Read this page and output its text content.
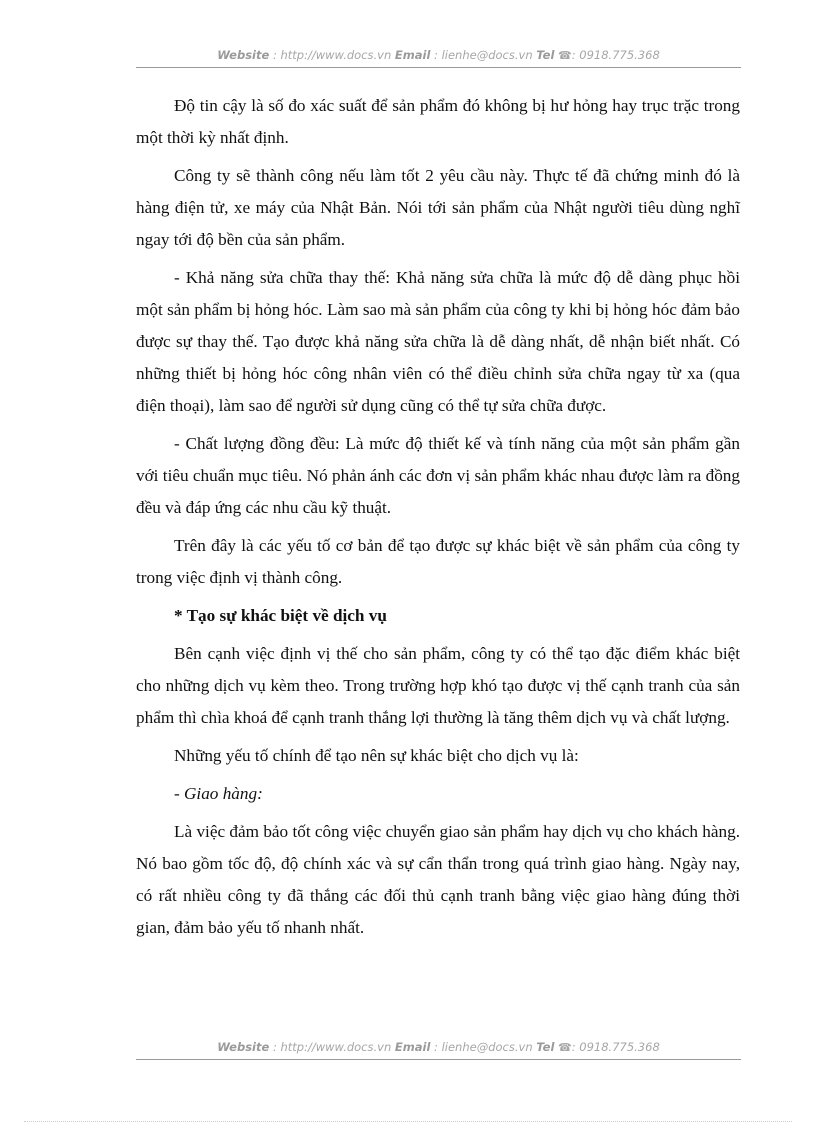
Website : http://www.docs.vn Email : lienhe@docs.vn Tel ☎: 0918.775.368

Độ tin cậy là số đo xác suất để sản phẩm đó không bị hư hỏng hay trục trặc trong một thời kỳ nhất định.

Công ty sẽ thành công nếu làm tốt 2 yêu cầu này. Thực tế đã chứng minh đó là hàng điện tử, xe máy của Nhật Bản. Nói tới sản phẩm của Nhật người tiêu dùng nghĩ ngay tới độ bền của sản phẩm.

- Khả năng sửa chữa thay thế: Khả năng sửa chữa là mức độ dễ dàng phục hồi một sản phẩm bị hỏng hóc. Làm sao mà sản phẩm của công ty khi bị hỏng hóc đảm bảo được sự thay thế. Tạo được khả năng sửa chữa là dễ dàng nhất, dễ nhận biết nhất. Có những thiết bị hỏng hóc công nhân viên có thể điều chỉnh sửa chữa ngay từ xa (qua điện thoại), làm sao để người sử dụng cũng có thể tự sửa chữa được.

- Chất lượng đồng đều: Là mức độ thiết kế và tính năng của một sản phẩm gần với tiêu chuẩn mục tiêu. Nó phản ánh các đơn vị sản phẩm khác nhau được làm ra đồng đều và đáp ứng các nhu cầu kỹ thuật.

Trên đây là các yếu tố cơ bản để tạo được sự khác biệt về sản phẩm của công ty trong việc định vị thành công.

* Tạo sự khác biệt về dịch vụ

Bên cạnh việc định vị thế cho sản phẩm, công ty có thể tạo đặc điểm khác biệt cho những dịch vụ kèm theo. Trong trường hợp khó tạo được vị thế cạnh tranh của sản phẩm thì chìa khoá để cạnh tranh thắng lợi thường là tăng thêm dịch vụ và chất lượng.

Những yếu tố chính để tạo nên sự khác biệt cho dịch vụ là:

- Giao hàng:

Là việc đảm bảo tốt công việc chuyển giao sản phẩm hay dịch vụ cho khách hàng. Nó bao gồm tốc độ, độ chính xác và sự cẩn thẩn trong quá trình giao hàng. Ngày nay, có rất nhiều công ty đã thắng các đối thủ cạnh tranh bằng việc giao hàng đúng thời gian, đảm bảo yếu tố nhanh nhất.

Website : http://www.docs.vn Email : lienhe@docs.vn Tel ☎: 0918.775.368
